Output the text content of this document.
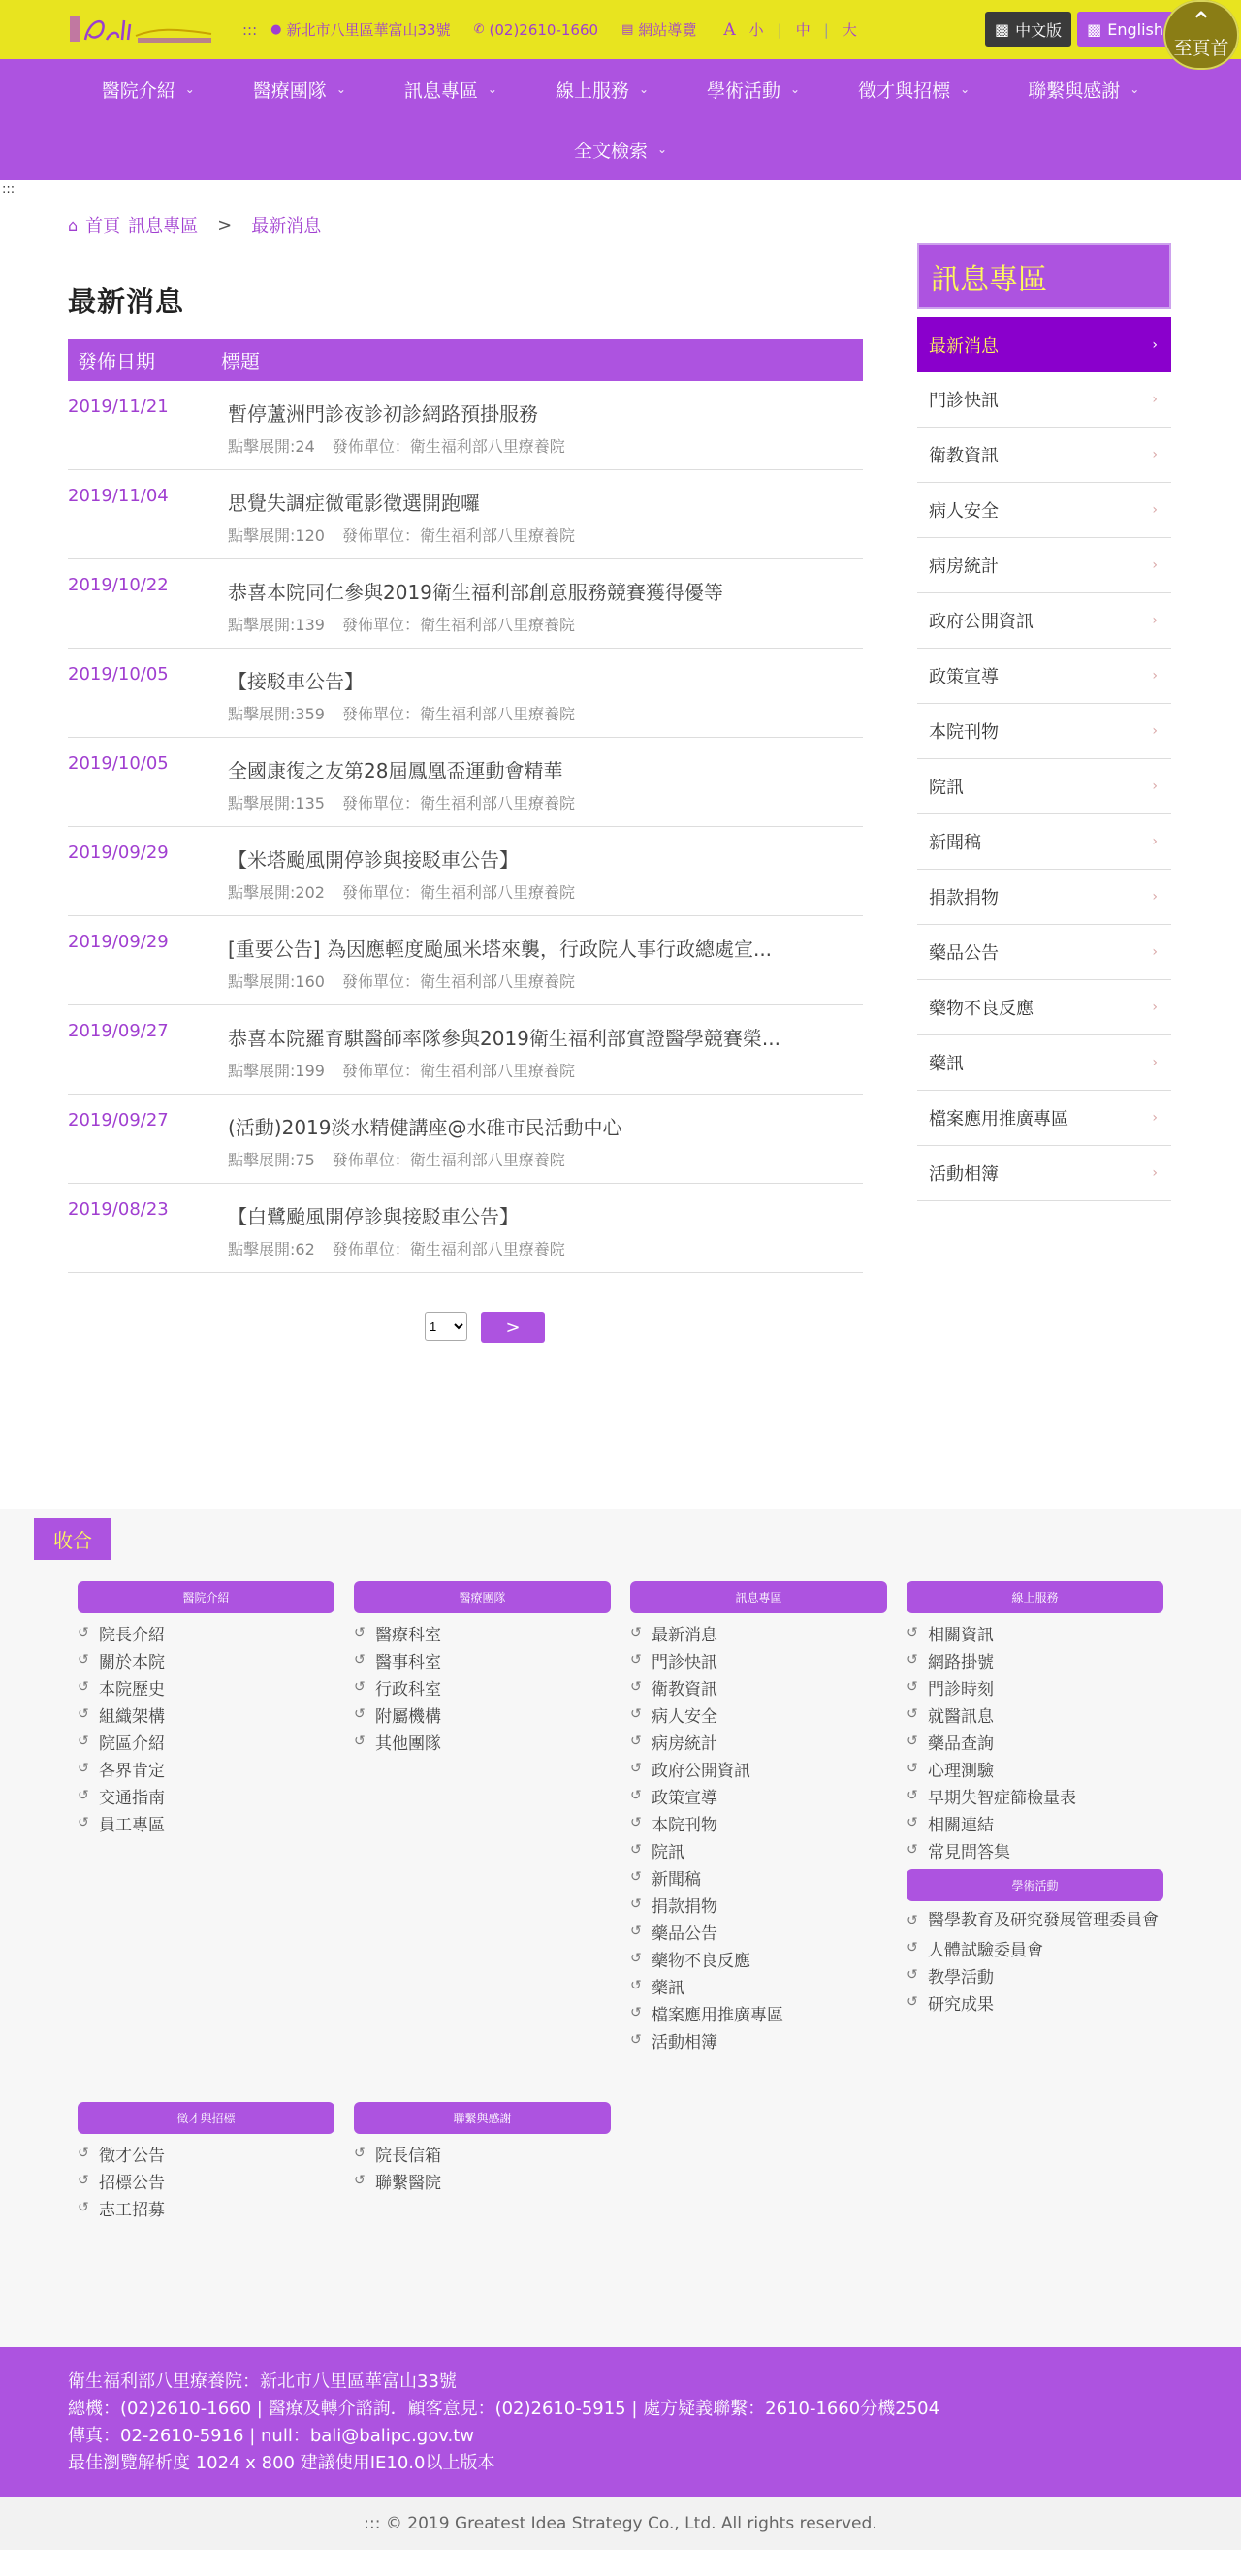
::: ● 新北市八里區華富山33號 ✆ (02)2610-1660 ▤ 網站導覽 A 小 | 中 | 大	▩ 中文版 ▩ English ⌃
至頁首
醫院介紹 ⌄	醫療團隊 ⌄	訊息專區 ⌄	線上服務 ⌄	學術活動 ⌄	徵才與招標 ⌄	聯繫與感謝 ⌄
全文檢索 ⌄
:::
⌂ 首頁 訊息專區 > 最新消息
最新消息
發佈日期	標題
2019/11/21	暫停蘆洲門診夜診初診網路預掛服務
點擊展開:24 發佈單位：衛生福利部八里療養院
2019/11/04	思覺失調症微電影徵選開跑囉
點擊展開:120 發佈單位：衛生福利部八里療養院
2019/10/22	恭喜本院同仁參與2019衛生福利部創意服務競賽獲得優等
點擊展開:139 發佈單位：衛生福利部八里療養院
2019/10/05	【接駁車公告】
點擊展開:359 發佈單位：衛生福利部八里療養院
2019/10/05	全國康復之友第28屆鳳凰盃運動會精華
點擊展開:135 發佈單位：衛生福利部八里療養院
2019/09/29	【米塔颱風開停診與接駁車公告】
點擊展開:202 發佈單位：衛生福利部八里療養院
2019/09/29	[重要公告] 為因應輕度颱風米塔來襲，行政院人事行政總處宣...
點擊展開:160 發佈單位：衛生福利部八里療養院
2019/09/27	恭喜本院羅育騏醫師率隊參與2019衛生福利部實證醫學競賽榮...
點擊展開:199 發佈單位：衛生福利部八里療養院
2019/09/27	(活動)2019淡水精健講座@水碓市民活動中心
點擊展開:75 發佈單位：衛生福利部八里療養院
2019/08/23	【白鷺颱風開停診與接駁車公告】
點擊展開:62 發佈單位：衛生福利部八里療養院
1
>
訊息專區
最新消息	›
門診快訊	›
衛教資訊	›
病人安全	›
病房統計	›
政府公開資訊	›
政策宣導	›
本院刊物	›
院訊	›
新聞稿	›
捐款捐物	›
藥品公告	›
藥物不良反應	›
藥訊	›
檔案應用推廣專區	›
活動相簿	›
收合
醫院介紹
↺ 院長介紹
↺ 關於本院
↺ 本院歷史
↺ 組織架構
↺ 院區介紹
↺ 各界肯定
↺ 交通指南
↺ 員工專區
醫療團隊
↺ 醫療科室
↺ 醫事科室
↺ 行政科室
↺ 附屬機構
↺ 其他團隊
訊息專區
↺ 最新消息
↺ 門診快訊
↺ 衛教資訊
↺ 病人安全
↺ 病房統計
↺ 政府公開資訊
↺ 政策宣導
↺ 本院刊物
↺ 院訊
↺ 新聞稿
↺ 捐款捐物
↺ 藥品公告
↺ 藥物不良反應
↺ 藥訊
↺ 檔案應用推廣專區
↺ 活動相簿
線上服務
↺ 相關資訊
↺ 網路掛號
↺ 門診時刻
↺ 就醫訊息
↺ 藥品查詢
↺ 心理測驗
↺ 早期失智症篩檢量表
↺ 相關連結
↺ 常見問答集
學術活動
↺ 醫學教育及研究發展管理委員會
↺ 人體試驗委員會
↺ 教學活動
↺ 研究成果
徵才與招標
↺ 徵才公告
↺ 招標公告
↺ 志工招募
聯繫與感謝
↺ 院長信箱
↺ 聯繫醫院
衛生福利部八里療養院：新北市八里區華富山33號
總機：(02)2610-1660 | 醫療及轉介諮詢．顧客意見：(02)2610-5915 | 處方疑義聯繫：2610-1660分機2504
傳真：02-2610-5916 | null：bali@balipc.gov.tw
最佳瀏覽解析度 1024 x 800 建議使用IE10.0以上版本
::: © 2019 Greatest Idea Strategy Co., Ltd. All rights reserved.
